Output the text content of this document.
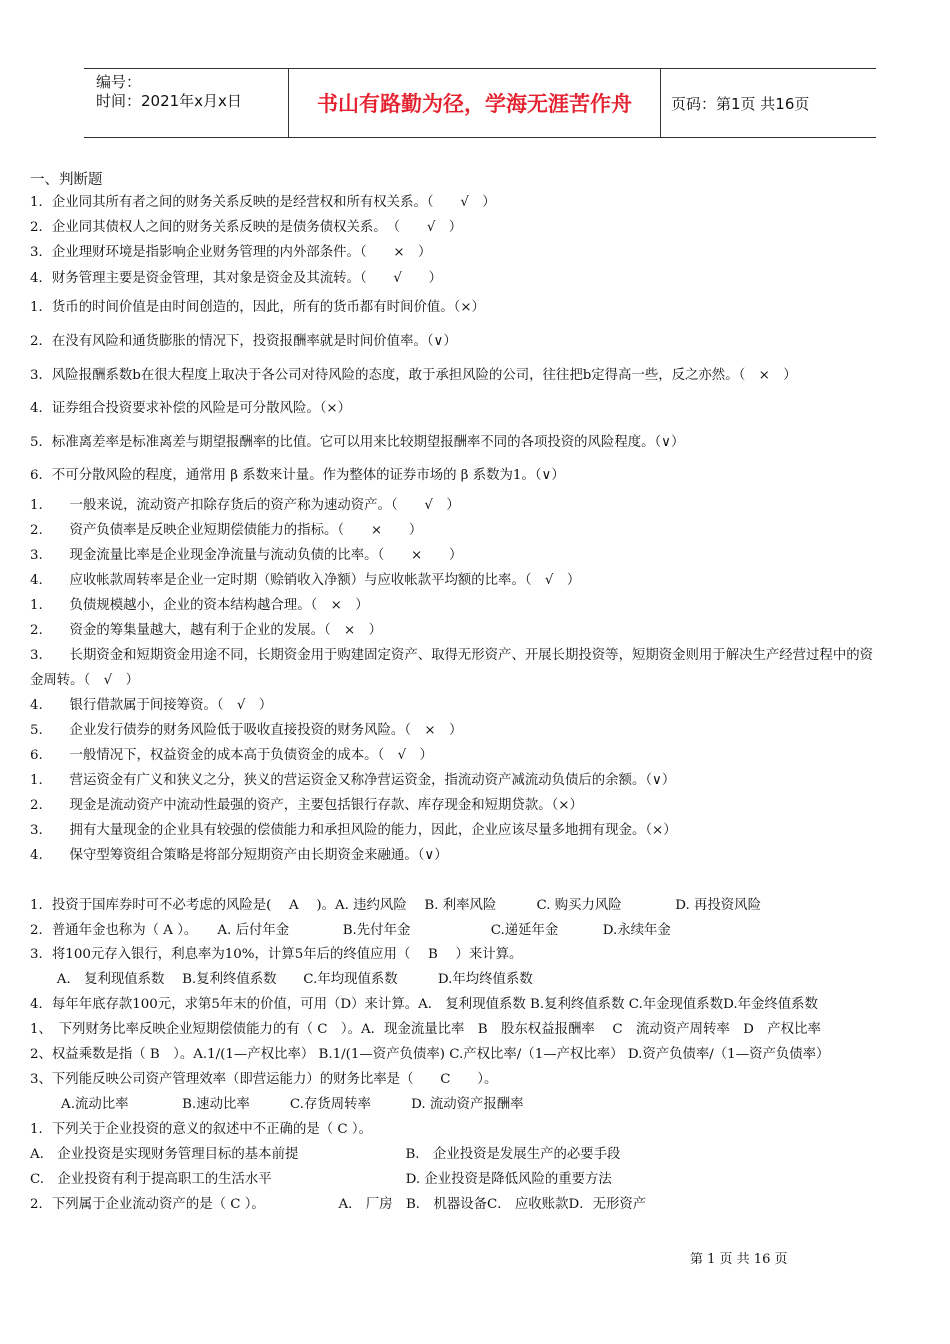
编号：
时间：2021年x月x日	书山有路勤为径，学海无涯苦作舟	页码：第1页 共16页
一、判断题
1．企业同其所有者之间的财务关系反映的是经营权和所有权关系。（　　√　）
2．企业同其债权人之间的财务关系反映的是债务债权关系。　（　　√　）
3．企业理财环境是指影响企业财务管理的内外部条件。（　　×　）
4．财务管理主要是资金管理，其对象是资金及其流转。（　　√　　）
1．货币的时间价值是由时间创造的，因此，所有的货币都有时间价值。（×）
2．在没有风险和通货膨胀的情况下，投资报酬率就是时间价值率。（∨）
3．风险报酬系数b在很大程度上取决于各公司对待风险的态度，敢于承担风险的公司，往往把b定得高一些，反之亦然。（　×　）
4．证券组合投资要求补偿的风险是可分散风险。（×）
5．标准离差率是标准离差与期望报酬率的比值。它可以用来比较期望报酬率不同的各项投资的风险程度。（∨）
6．不可分散风险的程度，通常用 β 系数来计量。作为整体的证券市场的 β 系数为1。（∨）
1.　　一般来说，流动资产扣除存货后的资产称为速动资产。（　　√　）
2.　　资产负债率是反映企业短期偿债能力的指标。（　　×　　）
3.　　现金流量比率是企业现金净流量与流动负债的比率。（　　×　　）
4.　　应收帐款周转率是企业一定时期（赊销收入净额）与应收帐款平均额的比率。（　√　）
1.　　负债规模越小，企业的资本结构越合理。（　×　）
2.　　资金的筹集量越大，越有利于企业的发展。（　×　）
3.　　长期资金和短期资金用途不同，长期资金用于购建固定资产、取得无形资产、开展长期投资等，短期资金则用于解决生产经营过程中的资
金周转。（　√　）
4.　　银行借款属于间接筹资。（　√　）
5.　　企业发行债券的财务风险低于吸收直接投资的财务风险。（　×　）
6.　　一般情况下，权益资金的成本高于负债资金的成本。（　√　）
1.　　营运资金有广义和狭义之分，狭义的营运资金又称净营运资金，指流动资产减流动负债后的余额。（∨）
2.　　现金是流动资产中流动性最强的资产，主要包括银行存款、库存现金和短期贷款。（×）
3.　　拥有大量现金的企业具有较强的偿债能力和承担风险的能力，因此，企业应该尽量多地拥有现金。（×）
4.　　保守型筹资组合策略是将部分短期资产由长期资金来融通。（∨）
1．投资于国库券时可不必考虑的风险是(　 A　 )。A. 违约风险　 B. 利率风险　　　C. 购买力风险　　　　D. 再投资风险
2．普通年金也称为（ A ）。　　A. 后付年金　　　　B.先付年金　　　　　　C.递延年金　　　 D.永续年金
3．将100元存入银行，利息率为10%，计算5年后的终值应用（　 B　 ）来计算。
　　A． 复利现值系数　 B.复利终值系数　　C.年均现值系数　　　D.年均终值系数
4．每年年底存款100元，求第5年末的价值，可用（D）来计算。A． 复利现值系数 B.复利终值系数 C.年金现值系数D.年金终值系数
1、　下列财务比率反映企业短期偿债能力的有（ C　）。A．现金流量比率　B　股东权益报酬率　 C　流动资产周转率　D　产权比率
2、权益乘数是指（ B　）。A.1/(1—产权比率） B.1/(1—资产负债率) C.产权比率/（1—产权比率） D.资产负债率/（1—资产负债率）
3、下列能反映公司资产管理效率（即营运能力）的财务比率是（　　C　　）。
　　 A.流动比率　　　　B.速动比率　　　C.存货周转率　　　D. 流动资产报酬率
1．下列关于企业投资的意义的叙述中不正确的是（ C ）。
A.　企业投资是实现财务管理目标的基本前提　　　　　　　　B.　企业投资是发展生产的必要手段
C.　企业投资有利于提高职工的生活水平　　　　　　　　　　D. 企业投资是降低风险的重要方法
2．下列属于企业流动资产的是（ C ）。　　　　　　A． 厂房　B． 机器设备C． 应收账款D．无形资产
第 1 页 共 16 页
